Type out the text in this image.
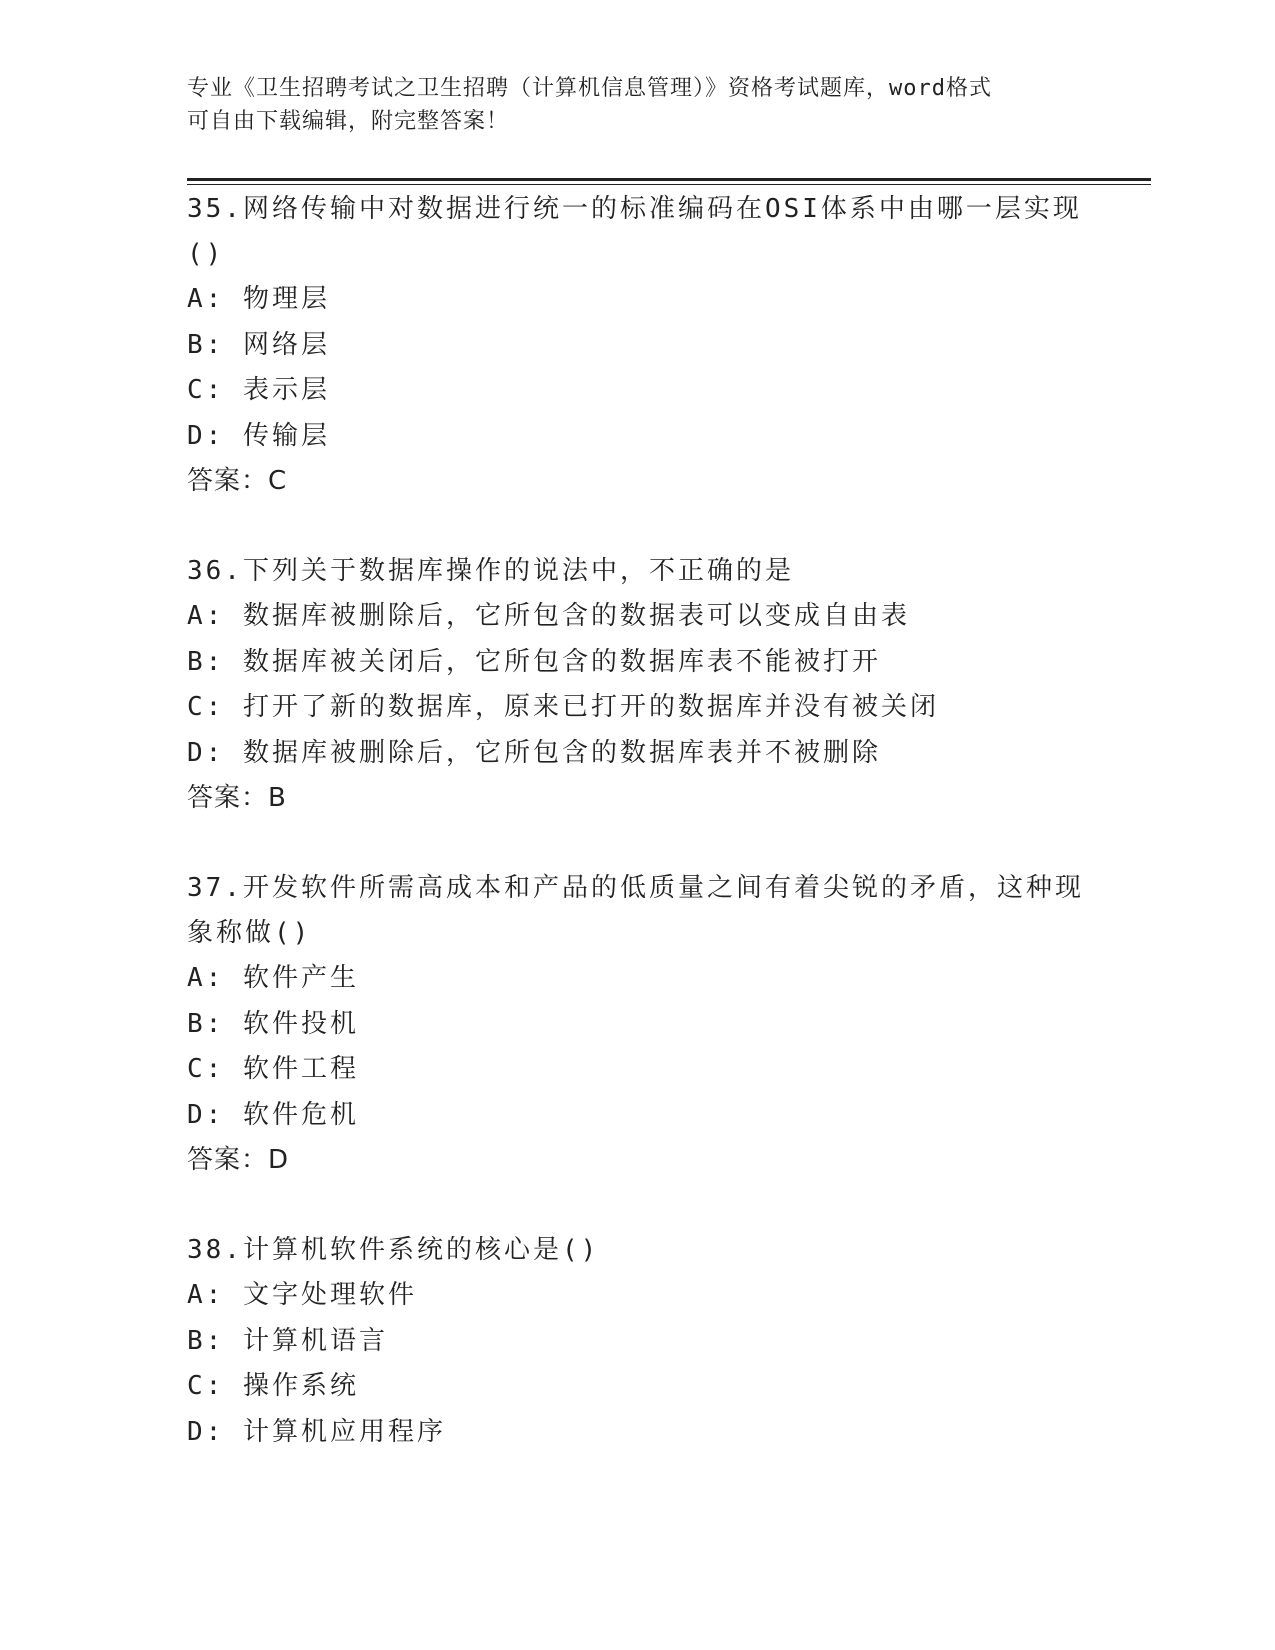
专业《卫生招聘考试之卫生招聘（计算机信息管理）》资格考试题库，word格式
可自由下载编辑，附完整答案！
35.网络传输中对数据进行统一的标准编码在OSI体系中由哪一层实现
()
A: 物理层
B: 网络层
C: 表示层
D: 传输层
答案：C
36.下列关于数据库操作的说法中，不正确的是
A: 数据库被删除后，它所包含的数据表可以变成自由表
B: 数据库被关闭后，它所包含的数据库表不能被打开
C: 打开了新的数据库，原来已打开的数据库并没有被关闭
D: 数据库被删除后，它所包含的数据库表并不被删除
答案：B
37.开发软件所需高成本和产品的低质量之间有着尖锐的矛盾，这种现
象称做()
A: 软件产生
B: 软件投机
C: 软件工程
D: 软件危机
答案：D
38.计算机软件系统的核心是()
A: 文字处理软件
B: 计算机语言
C: 操作系统
D: 计算机应用程序
